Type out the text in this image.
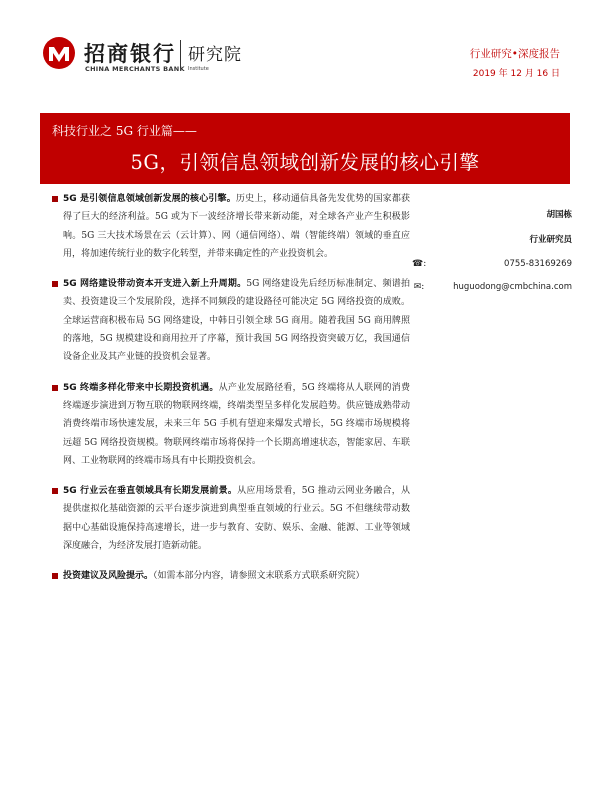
招商银行 研究院
CHINA MERCHANTS BANK Institute
行业研究•深度报告
2019 年 12 月 16 日
科技行业之 5G 行业篇——
5G，引领信息领域创新发展的核心引擎
5G 是引领信息领域创新发展的核心引擎。历史上，移动通信具备先发优势的国家都获得了巨大的经济利益。5G 或为下一波经济增长带来新动能，对全球各产业产生积极影响。5G 三大技术场景在云（云计算）、网（通信网络）、端（智能终端）领域的垂直应用，将加速传统行业的数字化转型，并带来确定性的产业投资机会。
5G 网络建设带动资本开支进入新上升周期。5G 网络建设先后经历标准制定、频谱拍卖、投资建设三个发展阶段，选择不同频段的建设路径可能决定 5G 网络投资的成败。全球运营商积极布局 5G 网络建设，中韩日引领全球 5G 商用。随着我国 5G 商用牌照的落地，5G 规模建设和商用拉开了序幕，预计我国 5G 网络投资突破万亿，我国通信设备企业及其产业链的投资机会显著。
5G 终端多样化带来中长期投资机遇。从产业发展路径看，5G 终端将从人联网的消费终端逐步演进到万物互联的物联网终端，终端类型呈多样化发展趋势。供应链成熟带动消费终端市场快速发展，未来三年 5G 手机有望迎来爆发式增长，5G 终端市场规模将远超 5G 网络投资规模。物联网终端市场将保持一个长期高增速状态，智能家居、车联网、工业物联网的终端市场具有中长期投资机会。
5G 行业云在垂直领域具有长期发展前景。从应用场景看，5G 推动云网业务融合，从提供虚拟化基础资源的云平台逐步演进到典型垂直领域的行业云。5G 不但继续带动数据中心基础设施保持高速增长，进一步与教育、安防、娱乐、金融、能源、工业等领域深度融合，为经济发展打造新动能。
投资建议及风险提示。（如需本部分内容，请参照文末联系方式联系研究院）
胡国栋
行业研究员
☎:	0755-83169269
✉:	huguodong@cmbchina.com
